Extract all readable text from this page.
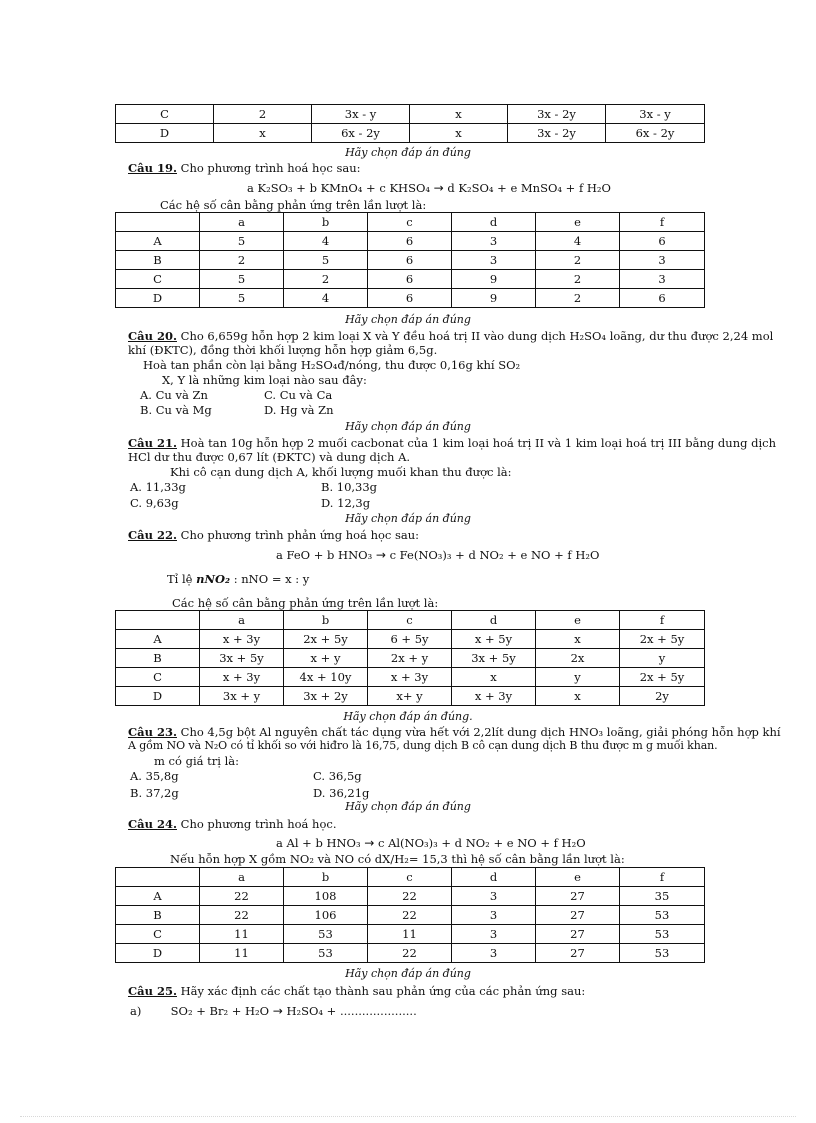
C	2	3x - y	x	3x - 2y	3x - y
D	x	6x - 2y	x	3x - 2y	6x - 2y
Hãy chọn đáp án đúng
Câu 19. Cho phương trình hoá học sau:
a K₂SO₃ + b KMnO₄ + c KHSO₄ → d K₂SO₄ + e MnSO₄ + f H₂O
Các hệ số cân bằng phản ứng trên lần lượt là:
	a	b	c	d	e	f
A	5	4	6	3	4	6
B	2	5	6	3	2	3
C	5	2	6	9	2	3
D	5	4	6	9	2	6
Hãy chọn đáp án đúng
Câu 20. Cho 6,659g hỗn hợp 2 kim loại X và Y đều hoá trị II vào dung dịch H₂SO₄ loãng, dư thu được 2,24 mol
khí (ĐKTC), đồng thời khối lượng hỗn hợp giảm 6,5g.
Hoà tan phần còn lại bằng H₂SO₄đ/nóng, thu được 0,16g khí SO₂
X, Y là những kim loại nào sau đây:
A. Cu và Zn	C. Cu và Ca
B. Cu và Mg	D. Hg và Zn
Hãy chọn đáp án đúng
Câu 21. Hoà tan 10g hỗn hợp 2 muối cacbonat của 1 kim loại hoá trị II và 1 kim loại hoá trị III bằng dung dịch
HCl dư thu được 0,67 lít (ĐKTC) và dung dịch A.
Khi cô cạn dung dịch A, khối lượng muối khan thu được là:
A. 11,33g	B. 10,33g
C. 9,63g	D. 12,3g
Hãy chọn đáp án đúng
Câu 22. Cho phương trình phản ứng hoá học sau:
a FeO + b HNO₃ → c Fe(NO₃)₃ + d NO₂ + e NO + f H₂O
Tỉ lệ nNO₂ : nNO = x : y
Các hệ số cân bằng phản ứng trên lần lượt là:
	a	b	c	d	e	f
A	x + 3y	2x + 5y	6 + 5y	x + 5y	x	2x + 5y
B	3x + 5y	x + y	2x + y	3x + 5y	2x	y
C	x + 3y	4x + 10y	x + 3y	x	y	2x + 5y
D	3x + y	3x + 2y	x+ y	x + 3y	x	2y
Hãy chọn đáp án đúng.
Câu 23. Cho 4,5g bột Al nguyên chất tác dụng vừa hết với 2,2lít dung dịch HNO₃ loãng, giải phóng hỗn hợp khí
A gồm NO và N₂O có tỉ khối so với hiđro là 16,75, dung dịch B cô cạn dung dịch B thu được m g muối khan.
m có giá trị là:
A. 35,8g	C. 36,5g
B. 37,2g	D. 36,21g
Hãy chọn đáp án đúng
Câu 24. Cho phương trình hoá học.
a Al + b HNO₃ → c Al(NO₃)₃ + d NO₂ + e NO + f H₂O
Nếu hỗn hợp X gồm NO₂ và NO có dX/H₂= 15,3 thì hệ số cân bằng lần lượt là:
	a	b	c	d	e	f
A	22	108	22	3	27	35
B	22	106	22	3	27	53
C	11	53	11	3	27	53
D	11	53	22	3	27	53
Hãy chọn đáp án đúng
Câu 25. Hãy xác định các chất tạo thành sau phản ứng của các phản ứng sau:
a)	SO₂ + Br₂ + H₂O → H₂SO₄ + .....................
